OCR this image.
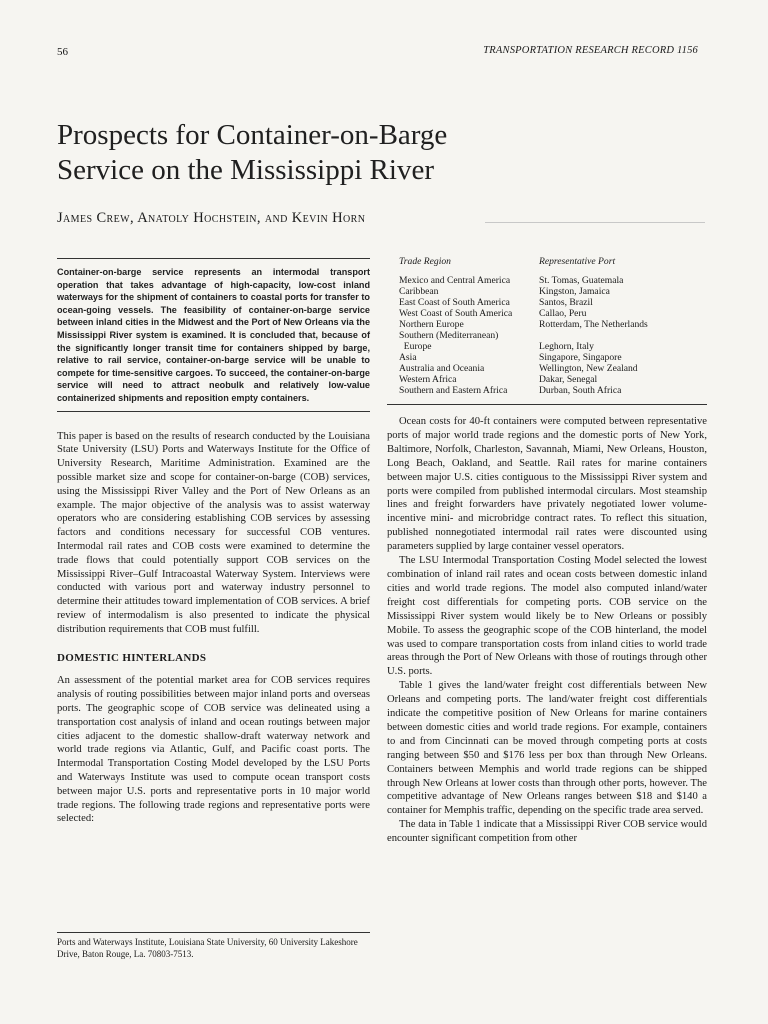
56	TRANSPORTATION RESEARCH RECORD 1156
Prospects for Container-on-Barge
Service on the Mississippi River
James Crew, Anatoly Hochstein, and Kevin Horn

Container-on-barge service represents an intermodal transport operation that takes advantage of high-capacity, low-cost inland waterways for the shipment of containers to coastal ports for transfer to ocean-going vessels. The feasibility of container-on-barge service between inland cities in the Midwest and the Port of New Orleans via the Mississippi River system is examined. It is concluded that, because of the significantly longer transit time for containers shipped by barge, relative to rail service, container-on-barge service will be unable to compete for time-sensitive cargoes. To succeed, the container-on-barge service will need to attract neobulk and relatively low-value containerized shipments and reposition empty containers.

This paper is based on the results of research conducted by the Louisiana State University (LSU) Ports and Waterways Institute for the Office of University Research, Maritime Administration. Examined are the possible market size and scope for container-on-barge (COB) services, using the Mississippi River Valley and the Port of New Orleans as an example. The major objective of the analysis was to assist waterway operators who are considering establishing COB services by assessing factors and conditions necessary for successful COB ventures. Intermodal rail rates and COB costs were examined to determine the trade flows that could potentially support COB services on the Mississippi River–Gulf Intracoastal Waterway System. Interviews were conducted with various port and waterway industry personnel to determine their attitudes toward implementation of COB services. A brief review of intermodalism is also presented to indicate the physical distribution requirements that COB must fulfill.

DOMESTIC HINTERLANDS

An assessment of the potential market area for COB services requires analysis of routing possibilities between major inland ports and overseas ports. The geographic scope of COB service was delineated using a transportation cost analysis of inland and ocean routings between major cities adjacent to the domestic shallow-draft waterway network and world trade regions via Atlantic, Gulf, and Pacific coast ports. The Intermodal Transportation Costing Model developed by the LSU Ports and Waterways Institute was used to compute ocean transport costs between major U.S. ports and representative ports in 10 major world trade regions. The following trade regions and representative ports were selected:

Ports and Waterways Institute, Louisiana State University, 60 University Lakeshore Drive, Baton Rouge, La. 70803-7513.

Trade Region	Representative Port
Mexico and Central America	St. Tomas, Guatemala
Caribbean	Kingston, Jamaica
East Coast of South America	Santos, Brazil
West Coast of South America	Callao, Peru
Northern Europe	Rotterdam, The Netherlands
Southern (Mediterranean)	
Europe	Leghorn, Italy
Asia	Singapore, Singapore
Australia and Oceania	Wellington, New Zealand
Western Africa	Dakar, Senegal
Southern and Eastern Africa	Durban, South Africa

Ocean costs for 40-ft containers were computed between representative ports of major world trade regions and the domestic ports of New York, Baltimore, Norfolk, Charleston, Savannah, Miami, New Orleans, Houston, Long Beach, Oakland, and Seattle. Rail rates for marine containers between major U.S. cities contiguous to the Mississippi River system and ports were compiled from published intermodal circulars. Most steamship lines and freight forwarders have privately negotiated lower volume-incentive mini- and microbridge contract rates. To reflect this situation, published nonnegotiated intermodal rail rates were discounted using parameters supplied by large container vessel operators.

The LSU Intermodal Transportation Costing Model selected the lowest combination of inland rail rates and ocean costs between domestic inland cities and world trade regions. The model also computed inland/water freight cost differentials for competing ports. COB service on the Mississippi River system would likely be to New Orleans or possibly Mobile. To assess the geographic scope of the COB hinterland, the model was used to compare transportation costs from inland cities to world trade areas through the Port of New Orleans with those of routings through other U.S. ports.

Table 1 gives the land/water freight cost differentials between New Orleans and competing ports. The land/water freight cost differentials indicate the competitive position of New Orleans for marine containers between domestic cities and world trade regions. For example, containers to and from Cincinnati can be moved through competing ports at costs ranging between $50 and $176 less per box than through New Orleans. Containers between Memphis and world trade regions can be shipped through New Orleans at lower costs than through other ports, however. The competitive advantage of New Orleans ranges between $18 and $140 a container for Memphis traffic, depending on the specific trade area served.

The data in Table 1 indicate that a Mississippi River COB service would encounter significant competition from other
